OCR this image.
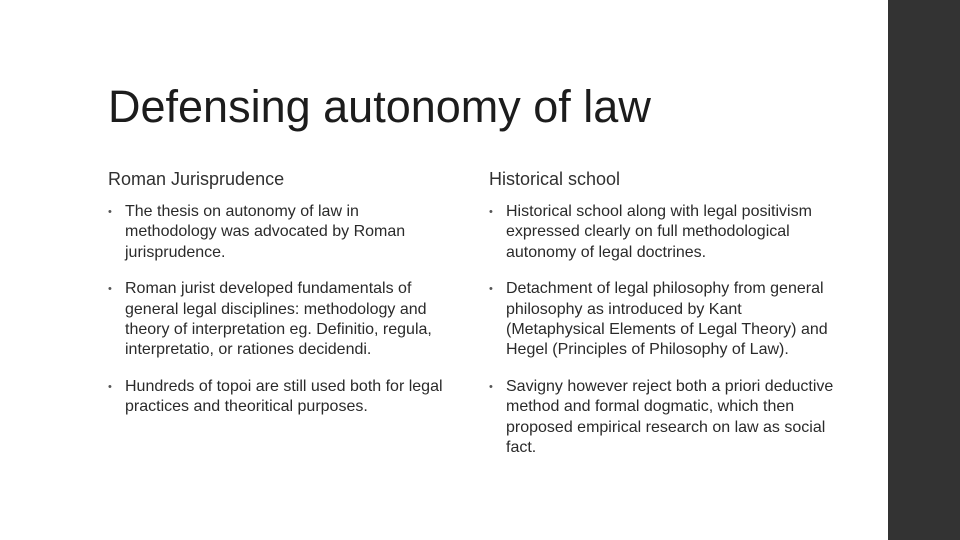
Defensing autonomy of law
Roman Jurisprudence
• The thesis on autonomy of law in methodology was advocated by Roman jurisprudence.
• Roman jurist developed fundamentals of general legal disciplines: methodology and theory of interpretation eg. Definitio, regula, interpretatio, or rationes decidendi.
• Hundreds of topoi are still used both for legal practices and theoritical purposes.
Historical school
• Historical school along with legal positivism expressed clearly on full methodological autonomy of legal doctrines.
• Detachment of legal philosophy from general philosophy as introduced by Kant (Metaphysical Elements of Legal Theory) and Hegel (Principles of Philosophy of Law).
• Savigny however reject both a priori deductive method and formal dogmatic, which then proposed empirical research on law as social fact.
